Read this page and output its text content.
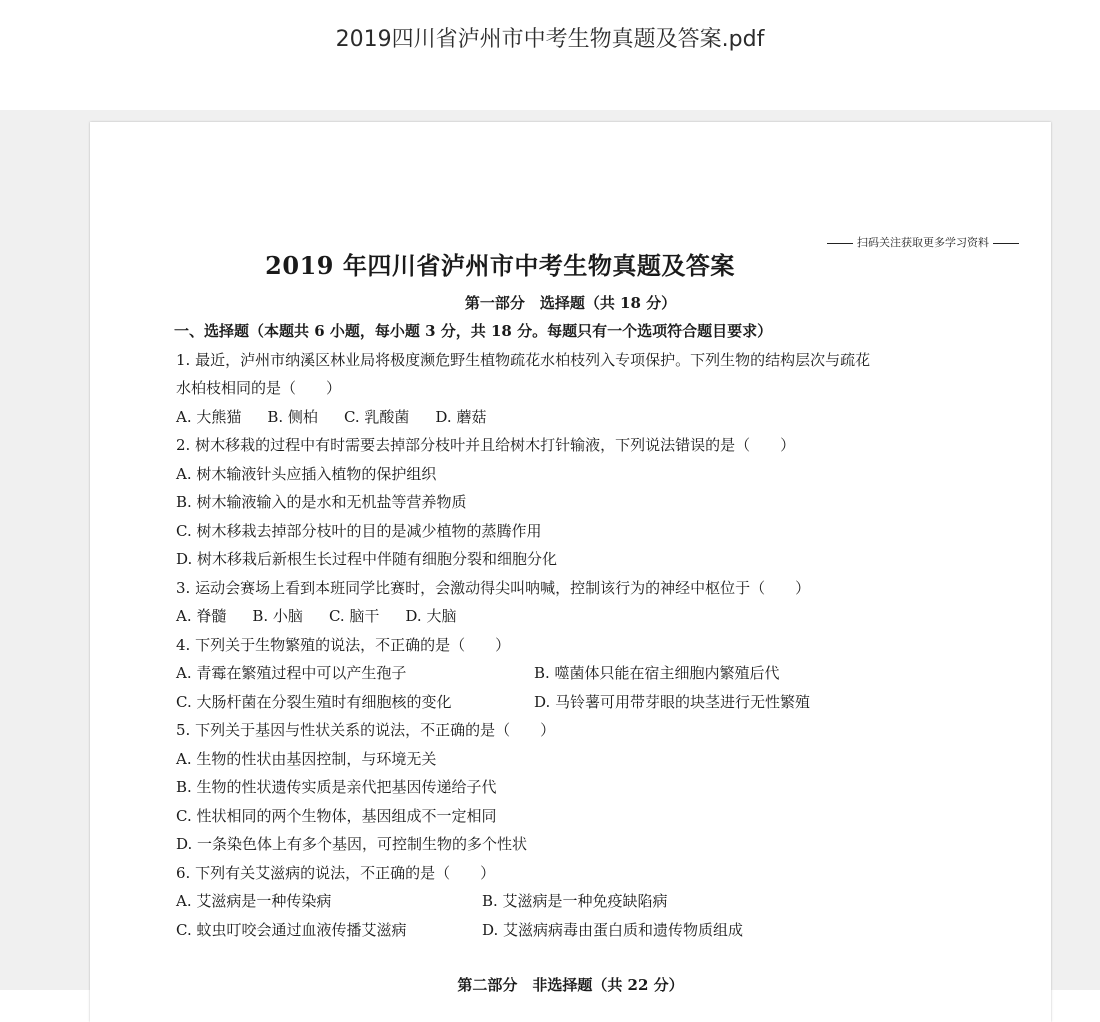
2019四川省泸州市中考生物真题及答案.pdf
扫码关注获取更多学习资料
2019 年四川省泸州市中考生物真题及答案
第一部分　选择题（共 18 分）
一、选择题（本题共 6 小题，每小题 3 分，共 18 分。每题只有一个选项符合题目要求）
1. 最近，泸州市纳溪区林业局将极度濒危野生植物疏花水柏枝列入专项保护。下列生物的结构层次与疏花
水柏枝相同的是（　　）
A. 大熊猫 B. 侧柏 C. 乳酸菌 D. 蘑菇
2. 树木移栽的过程中有时需要去掉部分枝叶并且给树木打针输液，下列说法错误的是（　　）
A. 树木输液针头应插入植物的保护组织
B. 树木输液输入的是水和无机盐等营养物质
C. 树木移栽去掉部分枝叶的目的是减少植物的蒸腾作用
D. 树木移栽后新根生长过程中伴随有细胞分裂和细胞分化
3. 运动会赛场上看到本班同学比赛时，会激动得尖叫呐喊，控制该行为的神经中枢位于（　　）
A. 脊髓 B. 小脑 C. 脑干 D. 大脑
4. 下列关于生物繁殖的说法，不正确的是（　　）
A. 青霉在繁殖过程中可以产生孢子	B. 噬菌体只能在宿主细胞内繁殖后代
C. 大肠杆菌在分裂生殖时有细胞核的变化	D. 马铃薯可用带芽眼的块茎进行无性繁殖
5. 下列关于基因与性状关系的说法，不正确的是（　　）
A. 生物的性状由基因控制，与环境无关
B. 生物的性状遗传实质是亲代把基因传递给子代
C. 性状相同的两个生物体，基因组成不一定相同
D. 一条染色体上有多个基因，可控制生物的多个性状
6. 下列有关艾滋病的说法，不正确的是（　　）
A. 艾滋病是一种传染病	B. 艾滋病是一种免疫缺陷病
C. 蚊虫叮咬会通过血液传播艾滋病	D. 艾滋病病毒由蛋白质和遗传物质组成
第二部分　非选择题（共 22 分）
